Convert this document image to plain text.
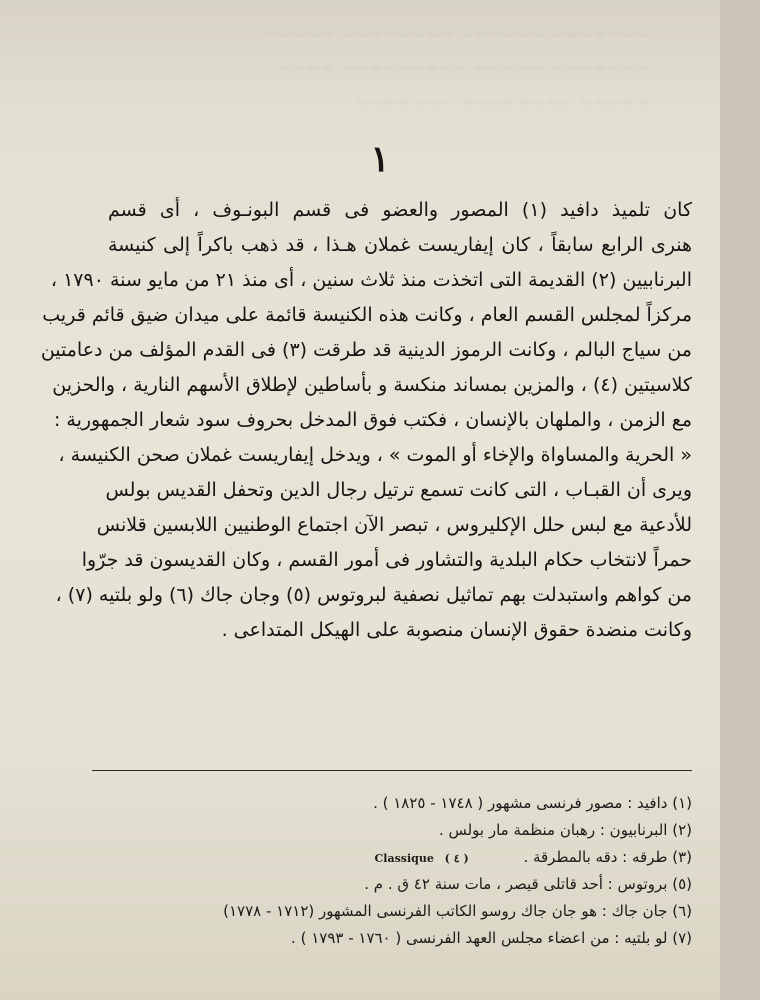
~~~~~~~ ~~~~~~ ~~~~~~~~ ~~~~~
~~~~~~~ ~~~~~ ~~~~~~~~~ ~~~~
~~~~~ ~~~~~~~~ ~~~~~~~
١
كان تلميذ دافيد (١) المصور والعضو فى قسم البونـوف ، أى قسم
هنرى الرابع سابقاً ، كان إيفاريست غملان هـذا ، قد ذهب باكراً إلى كنيسة
البرنابيين (٢) القديمة التى اتخذت منذ ثلاث سنين ، أى منذ ٢١ من مايو سنة ١٧٩٠ ،
مركزاً لمجلس القسم العام ، وكانت هذه الكنيسة قائمة على ميدان ضيق قائم قريب
من سياج البالم ، وكانت الرموز الدينية قد طرقت (٣) فى القدم المؤلف من دعامتين
كلاسيتين (٤) ، والمزين بمساند منكسة و بأساطين لإطلاق الأسهم النارية ، والحزين
مع الزمن ، والملهان بالإنسان ، فكتب فوق المدخل بحروف سود شعار الجمهورية :
« الحرية والمساواة والإخاء أو الموت » ، ويدخل إيفاريست غملان صحن الكنيسة ،
ويرى أن القبـاب ، التى كانت تسمع ترتيل رجال الدين وتحفل القديس بولس
للأدعية مع لبس حلل الإكليروس ، تبصر الآن اجتماع الوطنيين اللابسين قلانس
حمراً لانتخاب حكام البلدية والتشاور فى أمور القسم ، وكان القديسون قد جرّوا
من كواهم واستبدلت بهم تماثيل نصفية لبروتوس (٥) وجان جاك (٦) ولو بلتيه (٧) ،
وكانت منضدة حقوق الإنسان منصوبة على الهيكل المتداعى .
(١) دافيد : مصور فرنسى مشهور ( ١٧٤٨ - ١٨٢٥ ) .
(٢) البرنابيون : رهبان منظمة مار بولس .
(٣) طرقه : دقه بالمطرقة . ( ٤ ) Classique
(٥) بروتوس : أحد قاتلى قيصر ، مات سنة ٤٢ ق . م .
(٦) جان جاك : هو جان جاك روسو الكاتب الفرنسى المشهور (١٧١٢ - ١٧٧٨)
(٧) لو بلتيه : من اعضاء مجلس العهد الفرنسى ( ١٧٦٠ - ١٧٩٣ ) .
